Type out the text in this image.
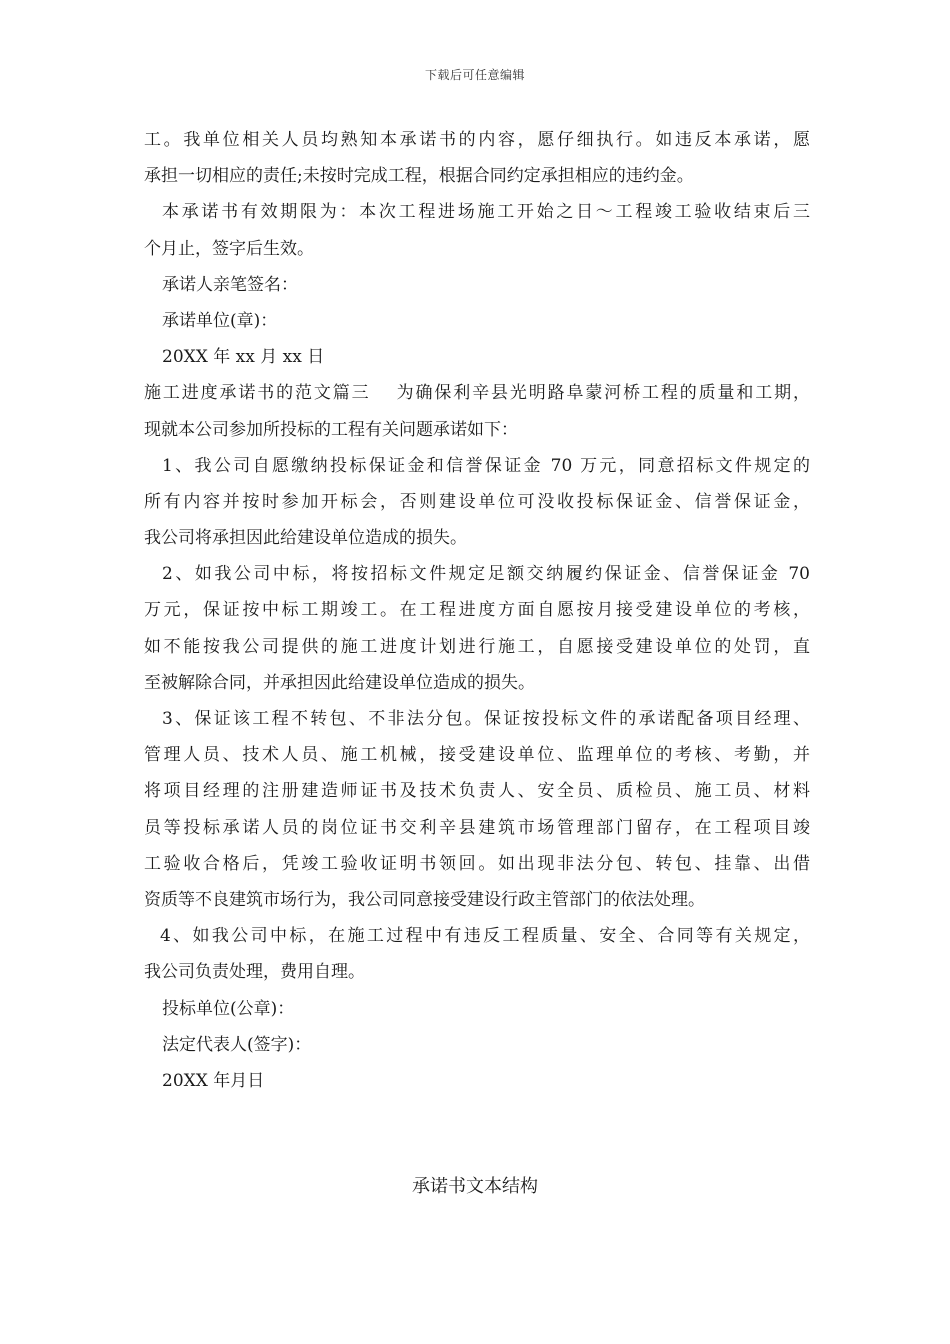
下载后可任意编辑
工。我单位相关人员均熟知本承诺书的内容，愿仔细执行。如违反本承诺，愿
承担一切相应的责任;未按时完成工程，根据合同约定承担相应的违约金。
本承诺书有效期限为：本次工程进场施工开始之日～工程竣工验收结束后三
个月止，签字后生效。
承诺人亲笔签名：
承诺单位(章)：
20XX 年 xx 月 xx 日
施工进度承诺书的范文篇三　 为确保利辛县光明路阜蒙河桥工程的质量和工期，
现就本公司参加所投标的工程有关问题承诺如下：
1、我公司自愿缴纳投标保证金和信誉保证金 70 万元，同意招标文件规定的
所有内容并按时参加开标会，否则建设单位可没收投标保证金、信誉保证金，
我公司将承担因此给建设单位造成的损失。
2、如我公司中标，将按招标文件规定足额交纳履约保证金、信誉保证金 70
万元，保证按中标工期竣工。在工程进度方面自愿按月接受建设单位的考核，
如不能按我公司提供的施工进度计划进行施工，自愿接受建设单位的处罚，直
至被解除合同，并承担因此给建设单位造成的损失。
3、保证该工程不转包、不非法分包。保证按投标文件的承诺配备项目经理、
管理人员、技术人员、施工机械，接受建设单位、监理单位的考核、考勤，并
将项目经理的注册建造师证书及技术负责人、安全员、质检员、施工员、材料
员等投标承诺人员的岗位证书交利辛县建筑市场管理部门留存，在工程项目竣
工验收合格后，凭竣工验收证明书领回。如出现非法分包、转包、挂靠、出借
资质等不良建筑市场行为，我公司同意接受建设行政主管部门的依法处理。
4、如我公司中标，在施工过程中有违反工程质量、安全、合同等有关规定，
我公司负责处理，费用自理。
投标单位(公章)：
法定代表人(签字)：
20XX 年月日
承诺书文本结构
